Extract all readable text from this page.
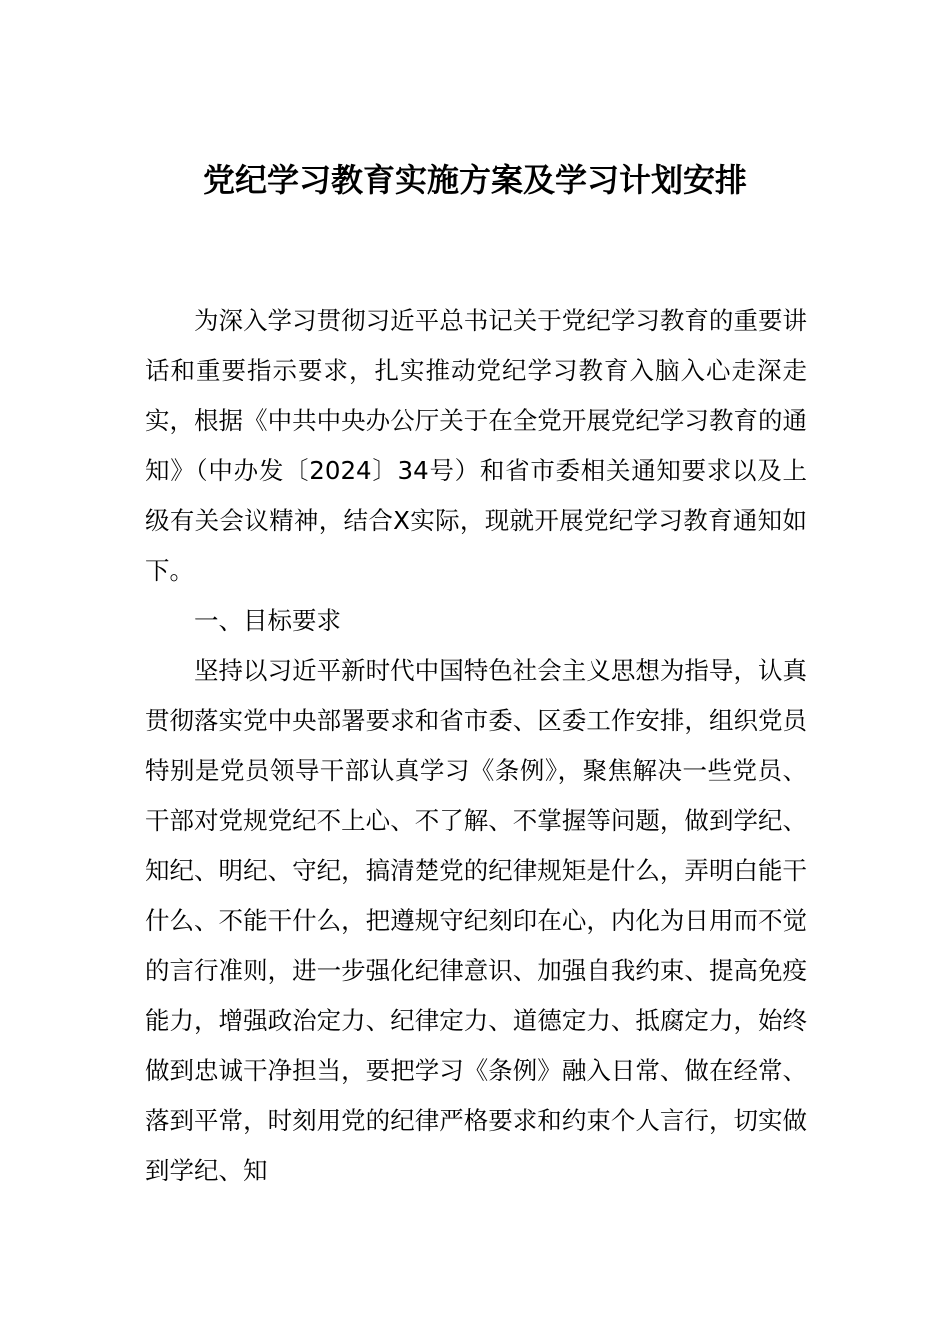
党纪学习教育实施方案及学习计划安排

为深入学习贯彻习近平总书记关于党纪学习教育的重要讲话和重要指示要求，扎实推动党纪学习教育入脑入心走深走实，根据《中共中央办公厅关于在全党开展党纪学习教育的通知》（中办发〔2024〕34号）和省市委相关通知要求以及上级有关会议精神，结合X实际，现就开展党纪学习教育通知如下。

一、目标要求

坚持以习近平新时代中国特色社会主义思想为指导，认真贯彻落实党中央部署要求和省市委、区委工作安排，组织党员特别是党员领导干部认真学习《条例》，聚焦解决一些党员、干部对党规党纪不上心、不了解、不掌握等问题，做到学纪、知纪、明纪、守纪，搞清楚党的纪律规矩是什么，弄明白能干什么、不能干什么，把遵规守纪刻印在心，内化为日用而不觉的言行准则，进一步强化纪律意识、加强自我约束、提高免疫能力，增强政治定力、纪律定力、道德定力、抵腐定力，始终做到忠诚干净担当，要把学习《条例》融入日常、做在经常、落到平常，时刻用党的纪律严格要求和约束个人言行，切实做到学纪、知
